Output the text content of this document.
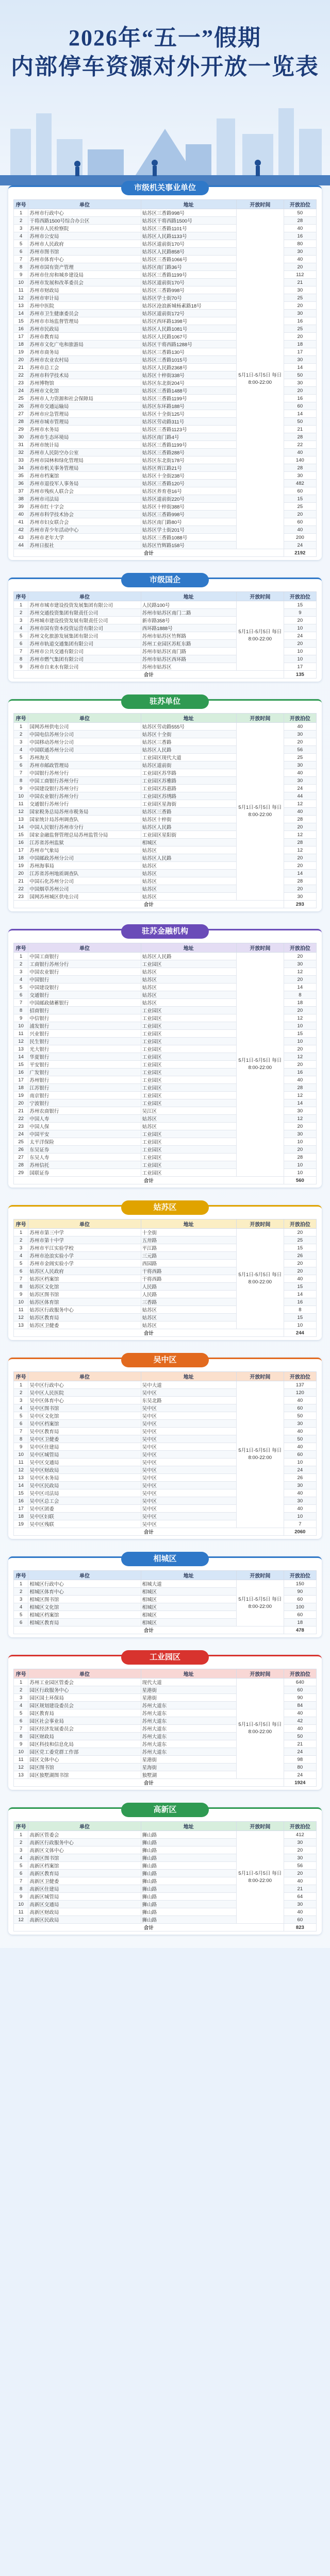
2026年“五一”假期
内部停车资源对外开放一览表
市级机关事业单位
序号	单位	地址	开放时间	开放泊位
1	苏州市行政中心	姑苏区三香路998号	5月1日-5月5日 每日8:00-22:00	50
2	干将西路1500号综合办公区	姑苏区干将西路1500号		28
3	苏州市人民检察院	姑苏区三香路1101号		40
4	苏州市公安局	姑苏区人民路1133号		16
5	苏州市人民政府	姑苏区道前街170号		80
6	苏州市图书馆	姑苏区人民路858号		30
7	苏州市体育中心	姑苏区三香路1066号		40
8	苏州市国有资产管理	姑苏区南门路36号		20
9	苏州市住房和城乡建设局	姑苏区三香路1199号		112
10	苏州市发展和改革委员会	姑苏区道前街170号		21
11	苏州市财政局	姑苏区三香路998号		30
12	苏州市审计局	姑苏区学士街70号		25
13	苏州中医院	姑苏区沧浪新城杨素路18号		20
14	苏州市卫生健康委员会	姑苏区道前街172号		30
15	苏州市市场监督管理局	姑苏区西环路1398号		16
16	苏州市民政局	姑苏区人民路1081号		25
17	苏州市教育局	姑苏区人民路1067号		20
18	苏州市文化广电和旅游局	姑苏区干将西路1288号		18
19	苏州市商务局	姑苏区三香路130号		17
20	苏州市农业农村局	姑苏区三香路1015号		30
21	苏州市总工会	姑苏区人民路2368号		14
22	苏州市科学技术局	姑苏区十梓街338号		50
23	苏州博物馆	姑苏区东北街204号		30
24	苏州市文化馆	姑苏区三香路1488号		20
25	苏州市人力资源和社会保障局	姑苏区三香路1199号		16
26	苏州市交通运输局	姑苏区东环路188号		60
27	苏州市应急管理局	姑苏区十全街125号		14
28	苏州市城市管理局	姑苏区劳动路311号		50
29	苏州市水务局	姑苏区三香路1123号		21
30	苏州市生态环境局	姑苏区南门路4号		28
31	苏州市统计局	姑苏区三香路1199号		22
32	苏州市人民防空办公室	姑苏区三香路288号		40
33	苏州市园林和绿化管理局	姑苏区东北街178号		140
34	苏州市机关事务管理局	姑苏区胥江路21号		28
35	苏州市档案馆	姑苏区十全街238号		30
36	苏州市退役军人事务局	姑苏区三香路120号		482
37	苏州市残疾人联合会	姑苏区养育巷16号		60
38	苏州市司法局	姑苏区道前街220号		15
39	苏州市红十字会	姑苏区十梓街388号		25
40	苏州市科学技术协会	姑苏区三香路998号		20
41	苏州市妇女联合会	姑苏区南门路80号		60
42	苏州市青少年活动中心	姑苏区学士街201号		40
43	苏州市老年大学	姑苏区三香路1088号		200
44	苏州日报社	姑苏区竹辉路158号		24
合计				2192
市级国企
序号	单位	地址	开放时间	开放泊位
1	苏州市城市建设投资发展集团有限公司	人民路100号	5月1日-5月5日 每日8:00-22:00	15
2	苏州交通投资集团有限责任公司	苏州市姑苏区南门二路		9
3	苏州城市建设投资发展有限责任公司	新市路358号		20
4	苏州市国有资本投资运营有限公司	西环路1888号		10
5	苏州文化旅游发展集团有限公司	苏州市姑苏区竹辉路		24
6	苏州市轨道交通集团有限公司	苏州工业园区苏虹东路		20
7	苏州市公共交通有限公司	苏州市姑苏区南门路		10
8	苏州市燃气集团有限公司	苏州市姑苏区西环路		10
9	苏州市自来水有限公司	苏州市姑苏区		17
合计				135
驻苏单位
序号	单位	地址	开放时间	开放泊位
1	国网苏州供电公司	姑苏区劳动路555号	5月1日-5月5日 每日8:00-22:00	40
2	中国电信苏州分公司	姑苏区十全街		30
3	中国移动苏州分公司	姑苏区三香路		20
4	中国联通苏州分公司	姑苏区人民路		56
5	苏州海关	工业园区现代大道		25
6	苏州市邮政管理局	姑苏区道前街		30
7	中国银行苏州分行	工业园区苏华路		40
8	中国工商银行苏州分行	工业园区苏雅路		30
9	中国建设银行苏州分行	工业园区苏惠路		24
10	中国农业银行苏州分行	工业园区苏绣路		44
11	交通银行苏州分行	工业园区星海街		12
12	国家税务总局苏州市税务局	姑苏区三香路		40
13	国家统计局苏州调查队	姑苏区十梓街		28
14	中国人民银行苏州市分行	姑苏区人民路		20
15	国家金融监督管理总局苏州监管分局	工业园区星阳街		12
16	江苏省苏州监狱	相城区		28
17	苏州市气象局	姑苏区		12
18	中国邮政苏州分公司	姑苏区人民路		20
19	苏州海事局	姑苏区		20
20	江苏省苏州地质调查队	姑苏区		14
21	中国石化苏州分公司	姑苏区		28
22	中国烟草苏州公司	姑苏区		20
23	国网苏州城区供电公司	姑苏区		30
合计				293
驻苏金融机构
序号	单位	地址	开放时间	开放泊位
1	中国工商银行	姑苏区人民路	5月1日-5月5日 每日8:00-22:00	20
2	工商银行苏州分行	工业园区		30
3	中国农业银行	姑苏区		12
4	中国银行	姑苏区		20
5	中国建设银行	姑苏区		14
6	交通银行	姑苏区		8
7	中国邮政储蓄银行	姑苏区		18
8	招商银行	工业园区		20
9	中信银行	工业园区		12
10	浦发银行	工业园区		10
11	兴业银行	工业园区		15
12	民生银行	工业园区		10
13	光大银行	工业园区		20
14	华夏银行	工业园区		12
15	平安银行	工业园区		20
16	广发银行	工业园区		16
17	苏州银行	工业园区		40
18	江苏银行	工业园区		28
19	南京银行	工业园区		12
20	宁波银行	工业园区		14
21	苏州农商银行	吴江区		30
22	中国人寿	姑苏区		12
23	中国人保	姑苏区		20
24	中国平安	工业园区		30
25	太平洋保险	工业园区		10
26	东吴证券	工业园区		20
27	东吴人寿	工业园区		28
28	苏州信托	工业园区		10
29	国联证券	工业园区		10
合计				560
姑苏区
序号	单位	地址	开放时间	开放泊位
1	苏州市第三中学	十全街	5月1日-5月5日 每日8:00-22:00	20
2	苏州市第十中学	五卅路		25
3	苏州市平江实验学校	平江路		15
4	苏州市沧浪实验小学	三元路		26
5	苏州市金阊实验小学	西园路		20
6	姑苏区人民政府	干将西路		20
7	姑苏区档案馆	干将西路		40
8	姑苏区文化馆	人民路		15
9	姑苏区图书馆	人民路		14
10	姑苏区体育馆	三香路		16
11	姑苏区行政服务中心	姑苏区		8
12	姑苏区教育局	姑苏区		15
13	姑苏区卫健委	姑苏区		10
合计				244
吴中区
序号	单位	地址	开放时间	开放泊位
1	吴中区行政中心	吴中大道	5月1日-5月5日 每日8:00-22:00	137
2	吴中区人民医院	吴中区		120
3	吴中区体育中心	东吴北路		40
4	吴中区图书馆	吴中区		60
5	吴中区文化馆	吴中区		50
6	吴中区档案馆	吴中区		30
7	吴中区教育局	吴中区		40
8	吴中区卫健委	吴中区		50
9	吴中区住建局	吴中区		40
10	吴中区城管局	吴中区		60
11	吴中区交通局	吴中区		10
12	吴中区财政局	吴中区		24
13	吴中区水务局	吴中区		26
14	吴中区民政局	吴中区		30
15	吴中区司法局	吴中区		40
16	吴中区总工会	吴中区		30
17	吴中区团委	吴中区		40
18	吴中区妇联	吴中区		10
19	吴中区残联	吴中区		7
合计				2060
相城区
序号	单位	地址	开放时间	开放泊位
1	相城区行政中心	相城大道	5月1日-5月5日 每日8:00-22:00	150
2	相城区体育中心	相城区		90
3	相城区图书馆	相城区		60
4	相城区文化馆	相城区		100
5	相城区档案馆	相城区		60
6	相城区教育局	相城区		18
合计				478
工业园区
序号	单位	地址	开放时间	开放泊位
1	苏州工业园区管委会	现代大道	5月1日-5月5日 每日8:00-22:00	640
2	园区行政服务中心	星港街		60
3	园区国土环保局	星港街		90
4	园区规划建设委员会	苏州大道东		84
5	园区教育局	苏州大道东		40
6	园区社会事业局	苏州大道东		42
7	园区经济发展委员会	苏州大道东		40
8	园区财政局	苏州大道东		50
9	园区科技和信息化局	苏州大道东		21
10	园区党工委党群工作部	苏州大道东		24
11	园区文体中心	星港街		98
12	园区图书馆	星海街		80
13	园区独墅湖图书馆	独墅湖		24
合计				1924
高新区
序号	单位	地址	开放时间	开放泊位
1	高新区管委会	狮山路	5月1日-5月5日 每日8:00-22:00	412
2	高新区行政服务中心	狮山路		30
3	高新区文体中心	狮山路		20
4	高新区图书馆	狮山路		30
5	高新区档案馆	狮山路		56
6	高新区教育局	狮山路		20
7	高新区卫健委	狮山路		40
8	高新区住建局	狮山路		21
9	高新区城管局	狮山路		64
10	高新区交通局	狮山路		30
11	高新区财政局	狮山路		40
12	高新区民政局	狮山路		60
合计				823
